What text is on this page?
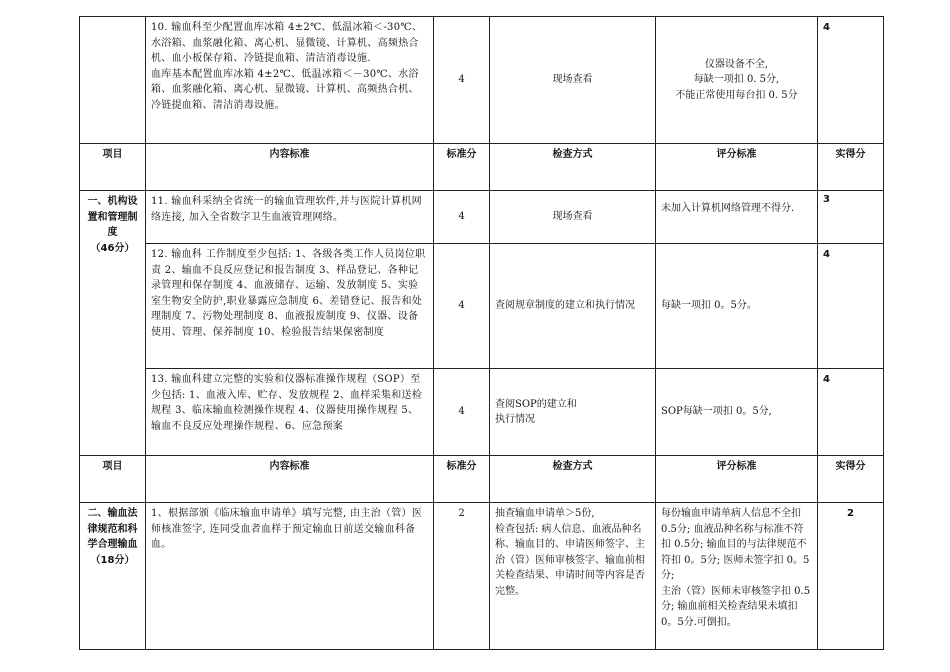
	10. 输血科至少配置血库冰箱 4±2℃、低温冰箱＜-30℃、水浴箱、血浆融化箱、离心机、显微镜、计算机、高频热合机、血小板保存箱、冷链提血箱、清洁消毒设施.
血库基本配置血库冰箱 4±2℃、低温冰箱＜－30℃、水浴箱、血浆融化箱、离心机、显微镜、计算机、高频热合机、冷链提血箱、清洁消毒设施。	4	现场查看	仪器设备不全,
每缺一项扣 0. 5分,
不能正常使用每台扣 0. 5分	4
项目	内容标准	标准分	检查方式	评分标准	实得分
一、机构设置和管理制度
（46分）	11. 输血科采纳全省统一的输血管理软件,并与医院计算机网络连接, 加入全省数字卫生血液管理网络。	4	现场查看	未加入计算机网络管理不得分.	3
	12. 输血科 工作制度至少包括: 1、各级各类工作人员岗位职责 2、输血不良反应登记和报告制度 3、样品登记、各种记录管理和保存制度 4、血液储存、运输、发放制度 5、实验室生物安全防护,职业暴露应急制度 6、差错登记、报告和处理制度 7、污物处理制度 8、血液报废制度 9、仪器、设备使用、管理、保养制度 10、检验报告结果保密制度	4	查阅规章制度的建立和执行情况	每缺一项扣 0。5分。	4
	13. 输血科建立完整的实验和仪器标准操作规程（SOP）至少包括: 1、血液入库、贮存、发放规程 2、血样采集和送检规程 3、临床输血检测操作规程 4、仪器使用操作规程 5、输血不良反应处理操作规程、6、应急预案	4	查阅SOP的建立和
执行情况	SOP每缺一项扣 0。5分,	4
项目	内容标准	标准分	检查方式	评分标准	实得分
二、输血法律规范和科学合理输血
（18分）	1、根据部颁《临床输血申请单》填写完整, 由主治（管）医师核准签字, 连同受血者血样于预定输血日前送交输血科备血。	2	抽查输血申请单＞5份,
检查包括: 病人信息、血液品种名称、输血目的、申请医师签字、主治（管）医师审核签字、输血前相关检查结果、申请时间等内容是否完整。	每份输血申请单病人信息不全扣 0.5分; 血液品种名称与标准不符扣 0.5分; 输血目的与法律规范不符扣 0。5分; 医师未签字扣 0。5分;
主治（管）医师未审核签字扣 0.5分; 输血前相关检查结果未填扣 0。5分.可倒扣。	2
